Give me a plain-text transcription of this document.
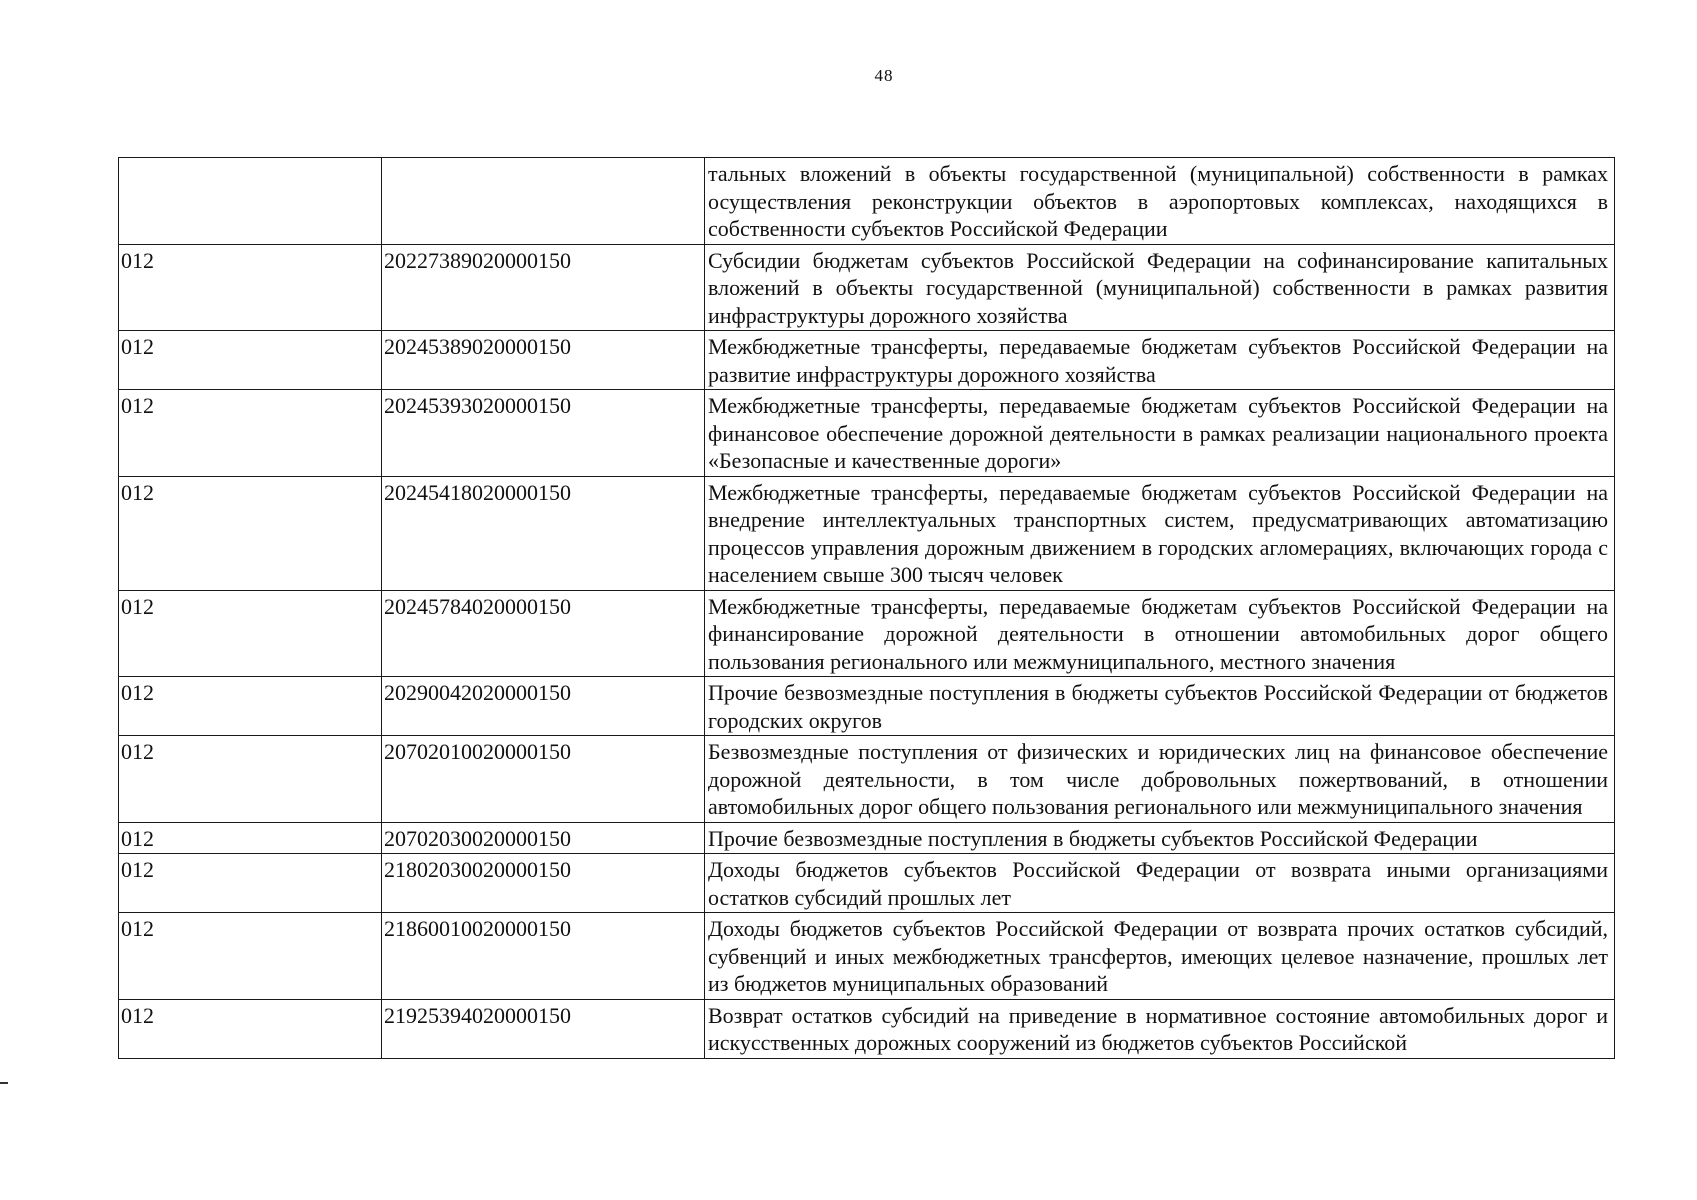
48
		тальных вложений в объекты государственной (муниципальной) собственности в рамках осуществления реконструкции объектов в аэропортовых комплексах, находящихся в собственности субъектов Российской Федерации
012	20227389020000150	Субсидии бюджетам субъектов Российской Федерации на софинансирование капитальных вложений в объекты государственной (муниципальной) собственности в рамках развития инфраструктуры дорожного хозяйства
012	20245389020000150	Межбюджетные трансферты, передаваемые бюджетам субъектов Российской Федерации на развитие инфраструктуры дорожного хозяйства
012	20245393020000150	Межбюджетные трансферты, передаваемые бюджетам субъектов Российской Федерации на финансовое обеспечение дорожной деятельности в рамках реализации национального проекта «Безопасные и качественные дороги»
012	20245418020000150	Межбюджетные трансферты, передаваемые бюджетам субъектов Российской Федерации на внедрение интеллектуальных транспортных систем, предусматривающих автоматизацию процессов управления дорожным движением в городских агломерациях, включающих города с населением свыше 300 тысяч человек
012	20245784020000150	Межбюджетные трансферты, передаваемые бюджетам субъектов Российской Федерации на финансирование дорожной деятельности в отношении автомобильных дорог общего пользования регионального или межмуниципального, местного значения
012	20290042020000150	Прочие безвозмездные поступления в бюджеты субъектов Российской Федерации от бюджетов городских округов
012	20702010020000150	Безвозмездные поступления от физических и юридических лиц на финансовое обеспечение дорожной деятельности, в том числе добровольных пожертвований, в отношении автомобильных дорог общего пользования регионального или межмуниципального значения
012	20702030020000150	Прочие безвозмездные поступления в бюджеты субъектов Российской Федерации
012	21802030020000150	Доходы бюджетов субъектов Российской Федерации от возврата иными организациями остатков субсидий прошлых лет
012	21860010020000150	Доходы бюджетов субъектов Российской Федерации от возврата прочих остатков субсидий, субвенций и иных межбюджетных трансфертов, имеющих целевое назначение, прошлых лет из бюджетов муниципальных образований
012	21925394020000150	Возврат остатков субсидий на приведение в нормативное состояние автомобильных дорог и искусственных дорожных сооружений из бюджетов субъектов Российской
